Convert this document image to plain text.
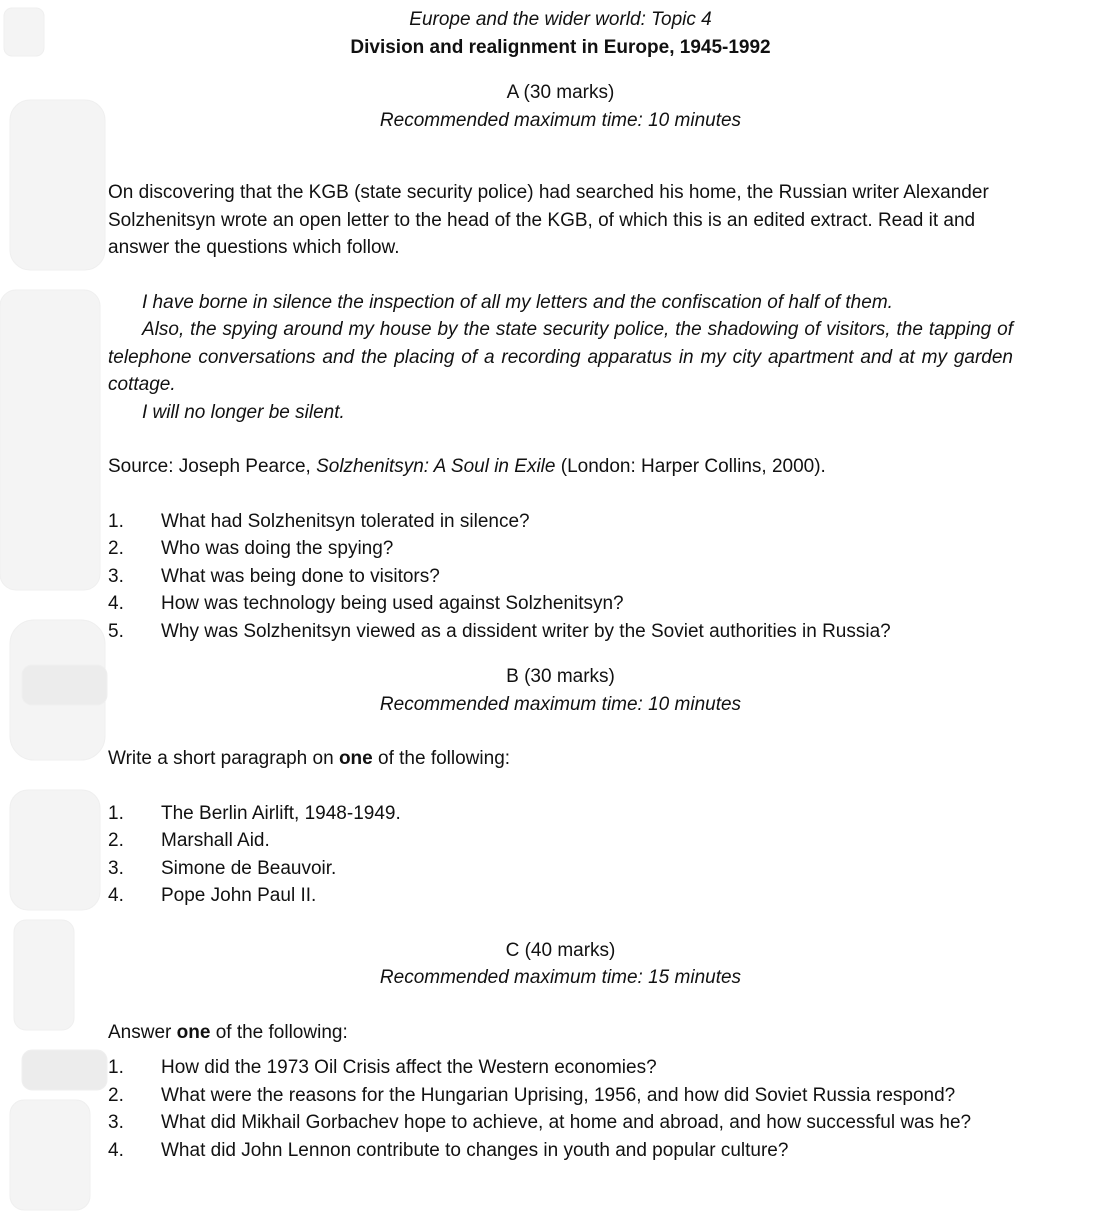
Europe and the wider world: Topic 4
Division and realignment in Europe, 1945-1992
A (30 marks)
Recommended maximum time: 10 minutes

On discovering that the KGB (state security police) had searched his home, the Russian writer Alexander Solzhenitsyn wrote an open letter to the head of the KGB, of which this is an edited extract. Read it and answer the questions which follow.

I have borne in silence the inspection of all my letters and the confiscation of half of them.

Also, the spying around my house by the state security police, the shadowing of visitors, the tapping of telephone conversations and the placing of a recording apparatus in my city apartment and at my garden cottage.

I will no longer be silent.

Source: Joseph Pearce, Solzhenitsyn: A Soul in Exile (London: Harper Collins, 2000).

1.	What had Solzhenitsyn tolerated in silence?
2.	Who was doing the spying?
3.	What was being done to visitors?
4.	How was technology being used against Solzhenitsyn?
5.	Why was Solzhenitsyn viewed as a dissident writer by the Soviet authorities in Russia?
B (30 marks)
Recommended maximum time: 10 minutes

Write a short paragraph on one of the following:

1.	The Berlin Airlift, 1948-1949.
2.	Marshall Aid.
3.	Simone de Beauvoir.
4.	Pope John Paul II.
C (40 marks)
Recommended maximum time: 15 minutes

Answer one of the following:

1.	How did the 1973 Oil Crisis affect the Western economies?
2.	What were the reasons for the Hungarian Uprising, 1956, and how did Soviet Russia respond?
3.	What did Mikhail Gorbachev hope to achieve, at home and abroad, and how successful was he?
4.	What did John Lennon contribute to changes in youth and popular culture?
